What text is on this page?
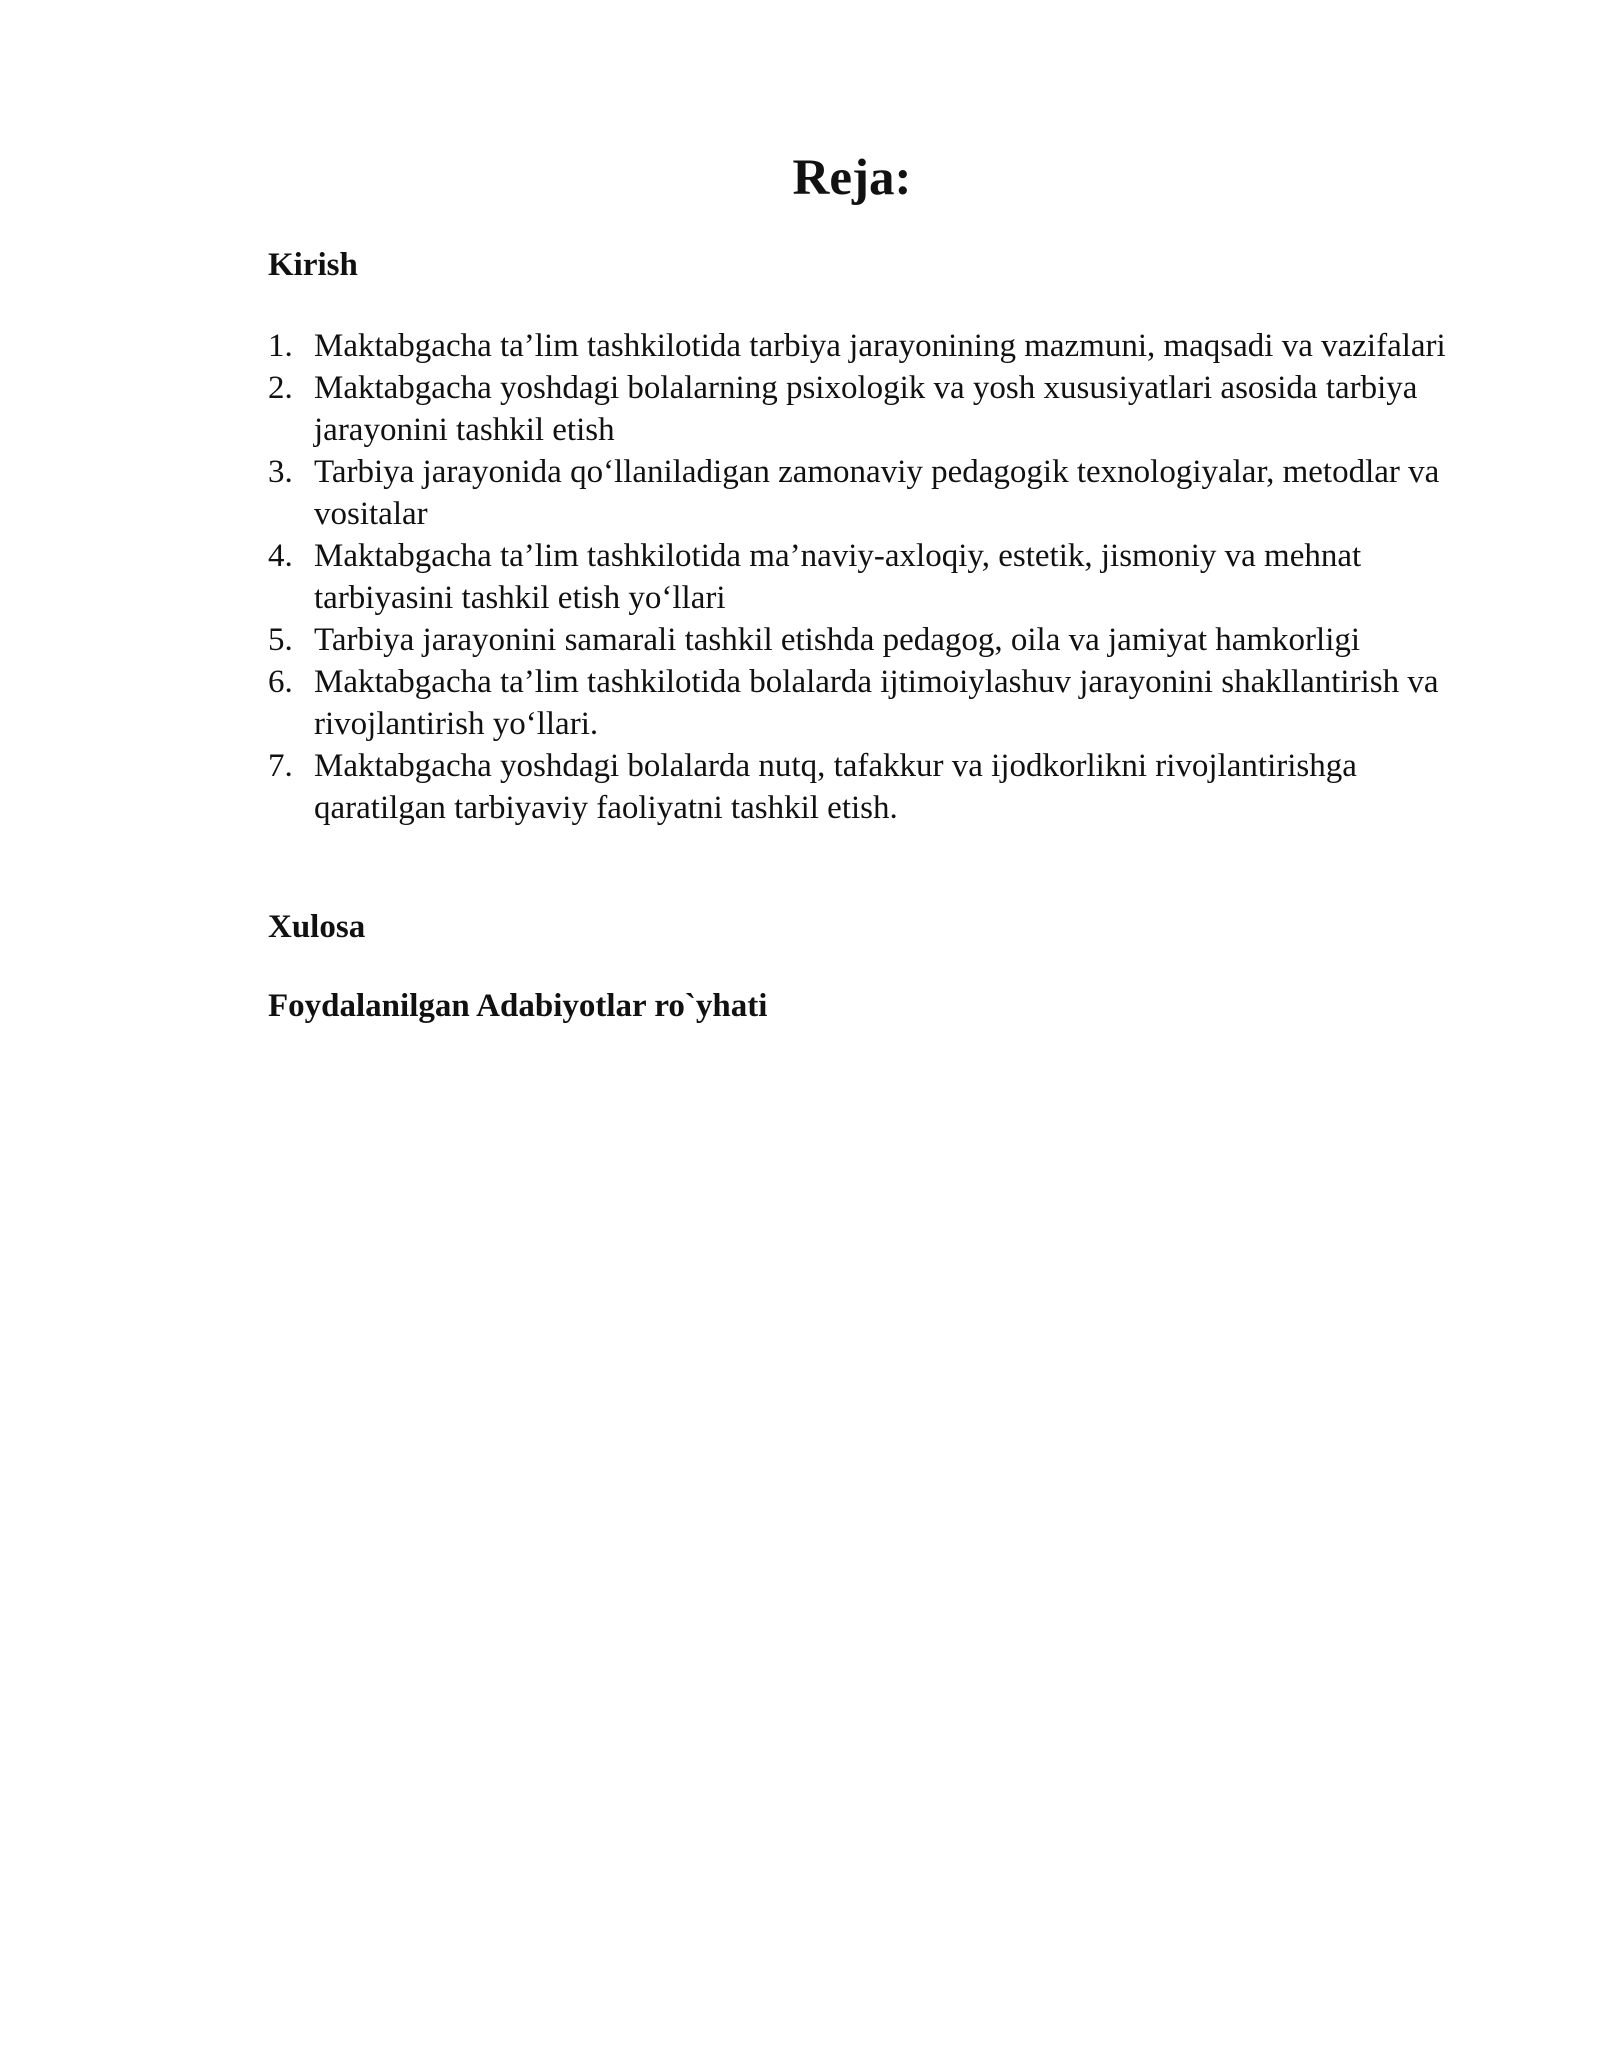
Reja:
Kirish
1. Maktabgacha ta’lim tashkilotida tarbiya jarayonining mazmuni, maqsadi va vazifalari
2. Maktabgacha yoshdagi bolalarning psixologik va yosh xususiyatlari asosida tarbiya jarayonini tashkil etish
3. Tarbiya jarayonida qo‘llaniladigan zamonaviy pedagogik texnologiyalar, metodlar va vositalar
4. Maktabgacha ta’lim tashkilotida ma’naviy-axloqiy, estetik, jismoniy va mehnat tarbiyasini tashkil etish yo‘llari
5. Tarbiya jarayonini samarali tashkil etishda pedagog, oila va jamiyat hamkorligi
6. Maktabgacha ta’lim tashkilotida bolalarda ijtimoiylashuv jarayonini shakllantirish va rivojlantirish yo‘llari.
7. Maktabgacha yoshdagi bolalarda nutq, tafakkur va ijodkorlikni rivojlantirishga qaratilgan tarbiyaviy faoliyatni tashkil etish.
Xulosa
Foydalanilgan Adabiyotlar ro`yhati
